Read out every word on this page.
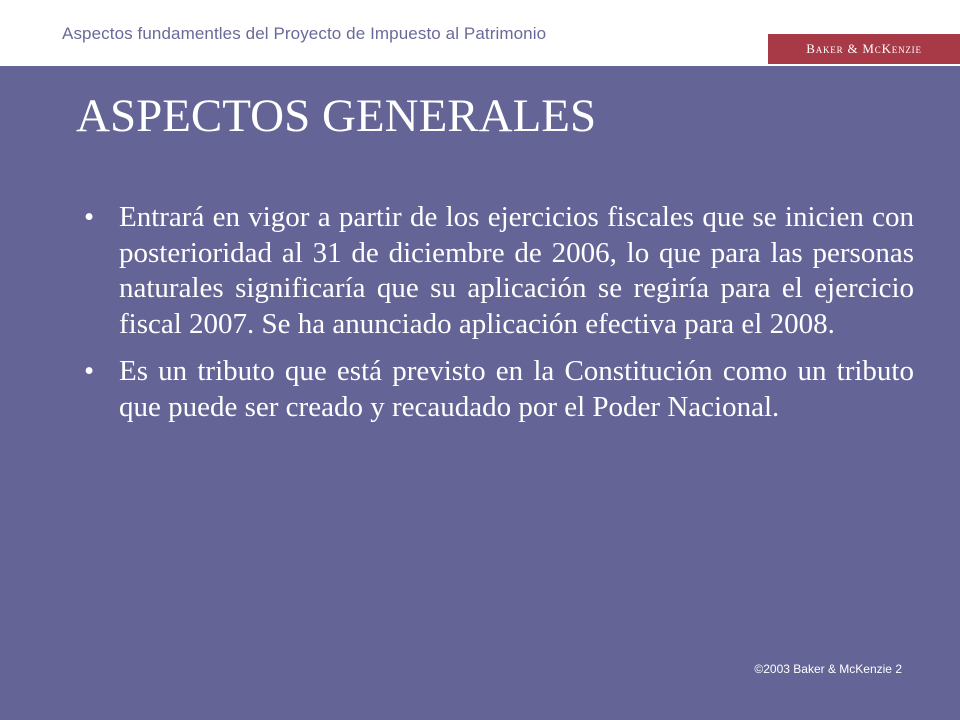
Aspectos fundamentles del Proyecto de Impuesto al Patrimonio
Baker & McKenzie
ASPECTOS GENERALES
• Entrará en vigor a partir de los ejercicios fiscales que se inicien con posterioridad al 31 de diciembre de 2006, lo que para las personas naturales significaría que su aplicación se regiría para el ejercicio fiscal 2007. Se ha anunciado aplicación efectiva para el 2008.
• Es un tributo que está previsto en la Constitución como un tributo que puede ser creado y recaudado por el Poder Nacional.
©2003 Baker & McKenzie 2
